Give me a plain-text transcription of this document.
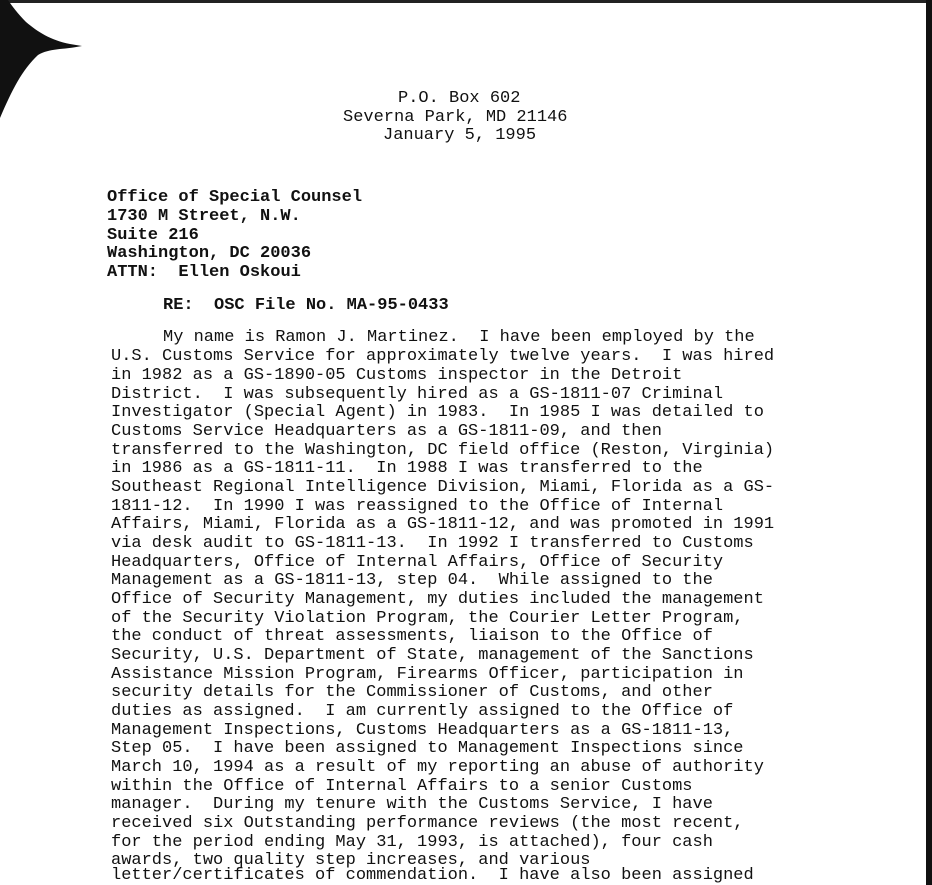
P.O. Box 602
Severna Park, MD 21146
January 5, 1995
Office of Special Counsel
1730 M Street, N.W.
Suite 216
Washington, DC 20036
ATTN: Ellen Oskoui
RE: OSC File No. MA-95-0433
My name is Ramon J. Martinez.  I have been employed by the
U.S. Customs Service for approximately twelve years.  I was hired
in 1982 as a GS-1890-05 Customs inspector in the Detroit
District.  I was subsequently hired as a GS-1811-07 Criminal
Investigator (Special Agent) in 1983.  In 1985 I was detailed to
Customs Service Headquarters as a GS-1811-09, and then
transferred to the Washington, DC field office (Reston, Virginia)
in 1986 as a GS-1811-11.  In 1988 I was transferred to the
Southeast Regional Intelligence Division, Miami, Florida as a GS-
1811-12.  In 1990 I was reassigned to the Office of Internal
Affairs, Miami, Florida as a GS-1811-12, and was promoted in 1991
via desk audit to GS-1811-13.  In 1992 I transferred to Customs
Headquarters, Office of Internal Affairs, Office of Security
Management as a GS-1811-13, step 04.  While assigned to the
Office of Security Management, my duties included the management
of the Security Violation Program, the Courier Letter Program,
the conduct of threat assessments, liaison to the Office of
Security, U.S. Department of State, management of the Sanctions
Assistance Mission Program, Firearms Officer, participation in
security details for the Commissioner of Customs, and other
duties as assigned.  I am currently assigned to the Office of
Management Inspections, Customs Headquarters as a GS-1811-13,
Step 05.  I have been assigned to Management Inspections since
March 10, 1994 as a result of my reporting an abuse of authority
within the Office of Internal Affairs to a senior Customs
manager.  During my tenure with the Customs Service, I have
received six Outstanding performance reviews (the most recent,
for the period ending May 31, 1993, is attached), four cash
awards, two quality step increases, and various
letter/certificates of commendation.  I have also been assigned
